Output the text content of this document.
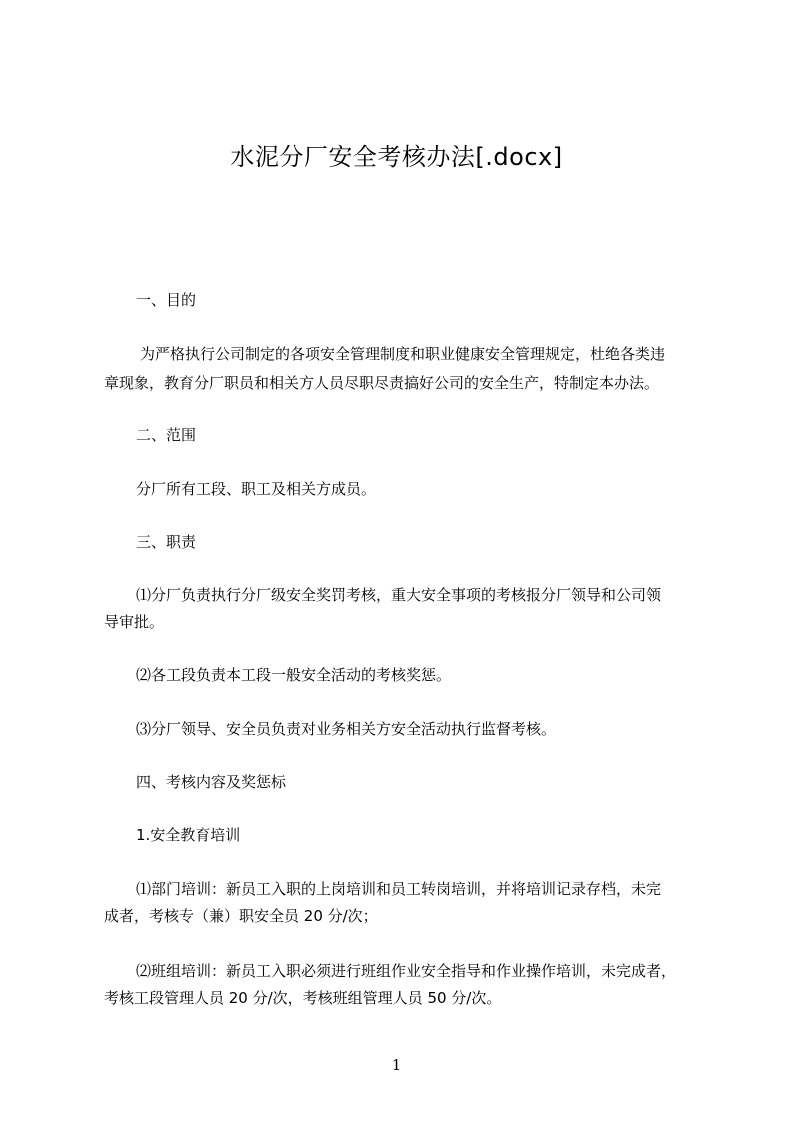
水泥分厂安全考核办法[.docx]

一、目的

为严格执行公司制定的各项安全管理制度和职业健康安全管理规定，杜绝各类违

章现象，教育分厂职员和相关方人员尽职尽责搞好公司的安全生产，特制定本办法。

二、范围

分厂所有工段、职工及相关方成员。

三、职责

⑴分厂负责执行分厂级安全奖罚考核，重大安全事项的考核报分厂领导和公司领

导审批。

⑵各工段负责本工段一般安全活动的考核奖惩。

⑶分厂领导、安全员负责对业务相关方安全活动执行监督考核。

四、考核内容及奖惩标

1.安全教育培训

⑴部门培训：新员工入职的上岗培训和员工转岗培训，并将培训记录存档，未完

成者，考核专（兼）职安全员 20 分/次；

⑵班组培训：新员工入职必须进行班组作业安全指导和作业操作培训，未完成者，

考核工段管理人员 20 分/次，考核班组管理人员 50 分/次。

1
